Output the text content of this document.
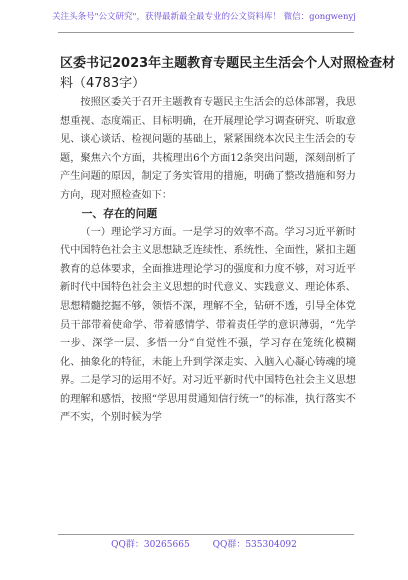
关注头条号"公文研究"，获得最新最全最专业的公文资料库！ 微信：gongwenyj
区委书记2023年主题教育专题民主生活会个人对照检查材
料（4783字）

按照区委关于召开主题教育专题民主生活会的总体部署，我思想重视、态度端正、目标明确，在开展理论学习调查研究、听取意见、谈心谈话、检视问题的基础上，紧紧围绕本次民主生活会的专题，聚焦六个方面，共梳理出6个方面12条突出问题，深刻剖析了产生问题的原因，制定了务实管用的措施，明确了整改措施和努力方向，现对照检查如下：

一、存在的问题

（一）理论学习方面。一是学习的效率不高。学习习近平新时代中国特色社会主义思想缺乏连续性、系统性、全面性，紧扣主题教育的总体要求，全面推进理论学习的强度和力度不够，对习近平新时代中国特色社会主义思想的时代意义、实践意义、理论体系、思想精髓挖掘不够，领悟不深，理解不全，钻研不透，引导全体党员干部带着使命学、带着感情学、带着责任学的意识薄弱，“先学一步、深学一层、多悟一分”自觉性不强，学习存在笼统化模糊化、抽象化的特征，未能上升到学深走实、入脑入心凝心铸魂的境界。二是学习的运用不好。对习近平新时代中国特色社会主义思想的理解和感悟，按照“学思用贯通知信行统一”的标准，执行落实不严不实，个别时候为学

QQ群：30265665	QQ群：535304092
